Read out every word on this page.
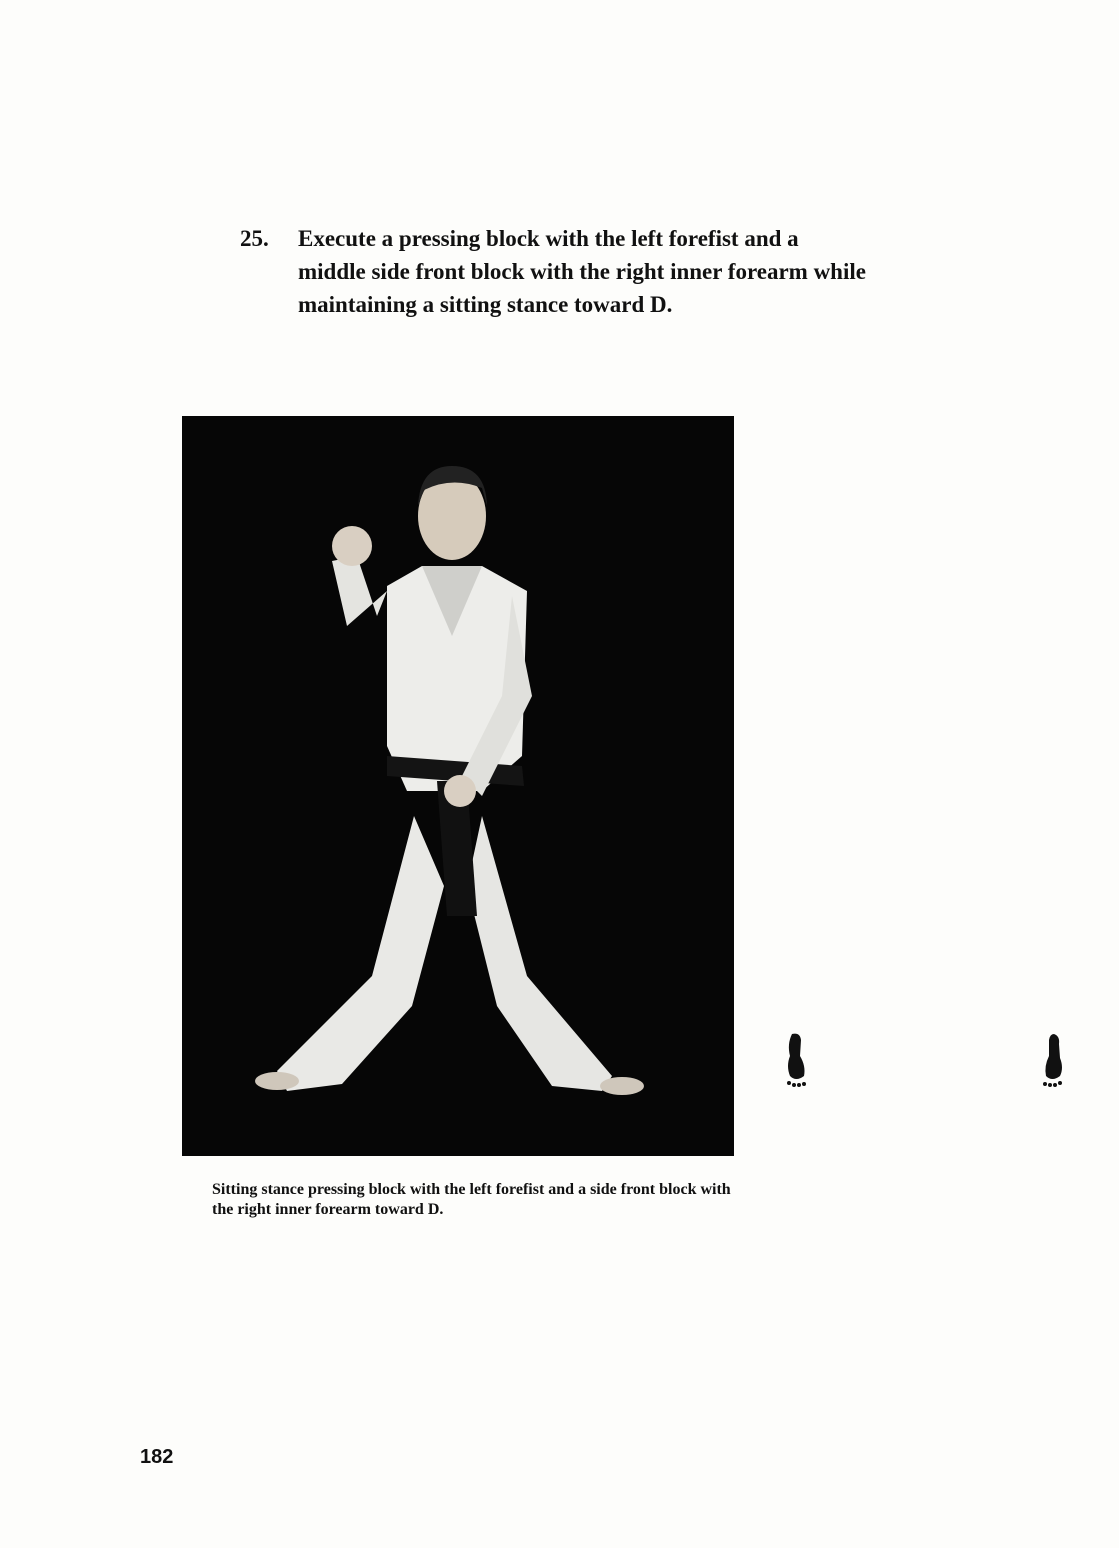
25.	Execute a pressing block with the left forefist and a middle side front block with the right inner forearm while maintaining a sitting stance toward D.
Sitting stance pressing block with the left forefist and a side front block with the right inner forearm toward D.
182
